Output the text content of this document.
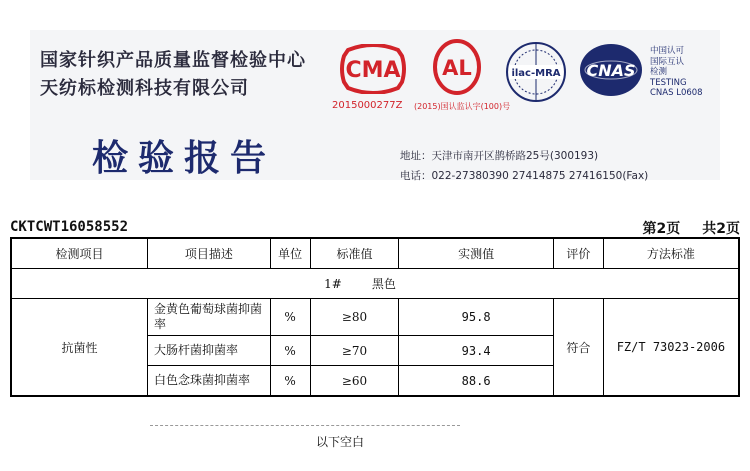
国家针织产品质量监督检验中心
天纺标检测科技有限公司
检验报告
CMA
2015000277Z
AL
(2015)国认监认字(100)号
ilac-MRA CNAS
中国认可
国际互认
检测
TESTING
CNAS L0608
地址：天津市南开区鹊桥路25号(300193)
电话：022-27380390 27414875 27416150(Fax)
CKTCWT16058552	第2页 共2页
检测项目	项目描述	单位	标准值	实测值	评价	方法标准
1# 黑色						
抗菌性	金黄色葡萄球菌抑菌率	%	≥80	95.8	符合	FZ/T 73023-2006
	大肠杆菌抑菌率	%	≥70	93.4		
	白色念珠菌抑菌率	%	≥60	88.6		
以下空白
